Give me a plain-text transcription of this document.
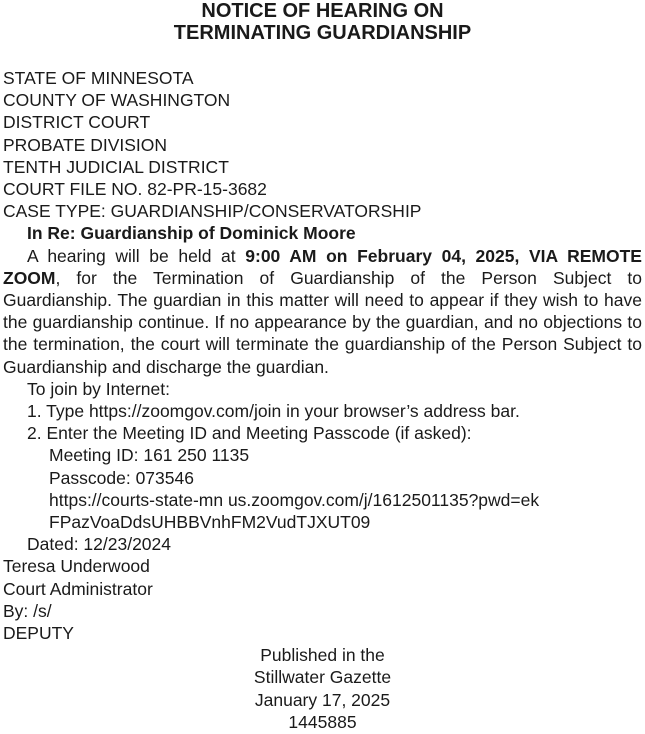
NOTICE OF HEARING ON
TERMINATING GUARDIANSHIP
STATE OF MINNESOTA
COUNTY OF WASHINGTON
DISTRICT COURT
PROBATE DIVISION
TENTH JUDICIAL DISTRICT
COURT FILE NO. 82-PR-15-3682
CASE TYPE: GUARDIANSHIP/CONSERVATORSHIP
In Re: Guardianship of Dominick Moore
A hearing will be held at 9:00 AM on February 04, 2025, VIA REMOTE ZOOM, for the Termination of Guardianship of the Person Subject to Guardianship. The guardian in this matter will need to appear if they wish to have the guardianship continue. If no appearance by the guardian, and no objections to the termination, the court will terminate the guardianship of the Person Subject to Guardianship and discharge the guardian.
To join by Internet:
1. Type https://zoomgov.com/join in your browser’s address bar.
2. Enter the Meeting ID and Meeting Passcode (if asked):
Meeting ID: 161 250 1135
Passcode: 073546
https://courts-state-mn us.zoomgov.com/j/1612501135?pwd=ek
FPazVoaDdsUHBBVnhFM2VudTJXUT09
Dated: 12/23/2024
Teresa Underwood
Court Administrator
By: /s/
DEPUTY
Published in the
Stillwater Gazette
January 17, 2025
1445885
